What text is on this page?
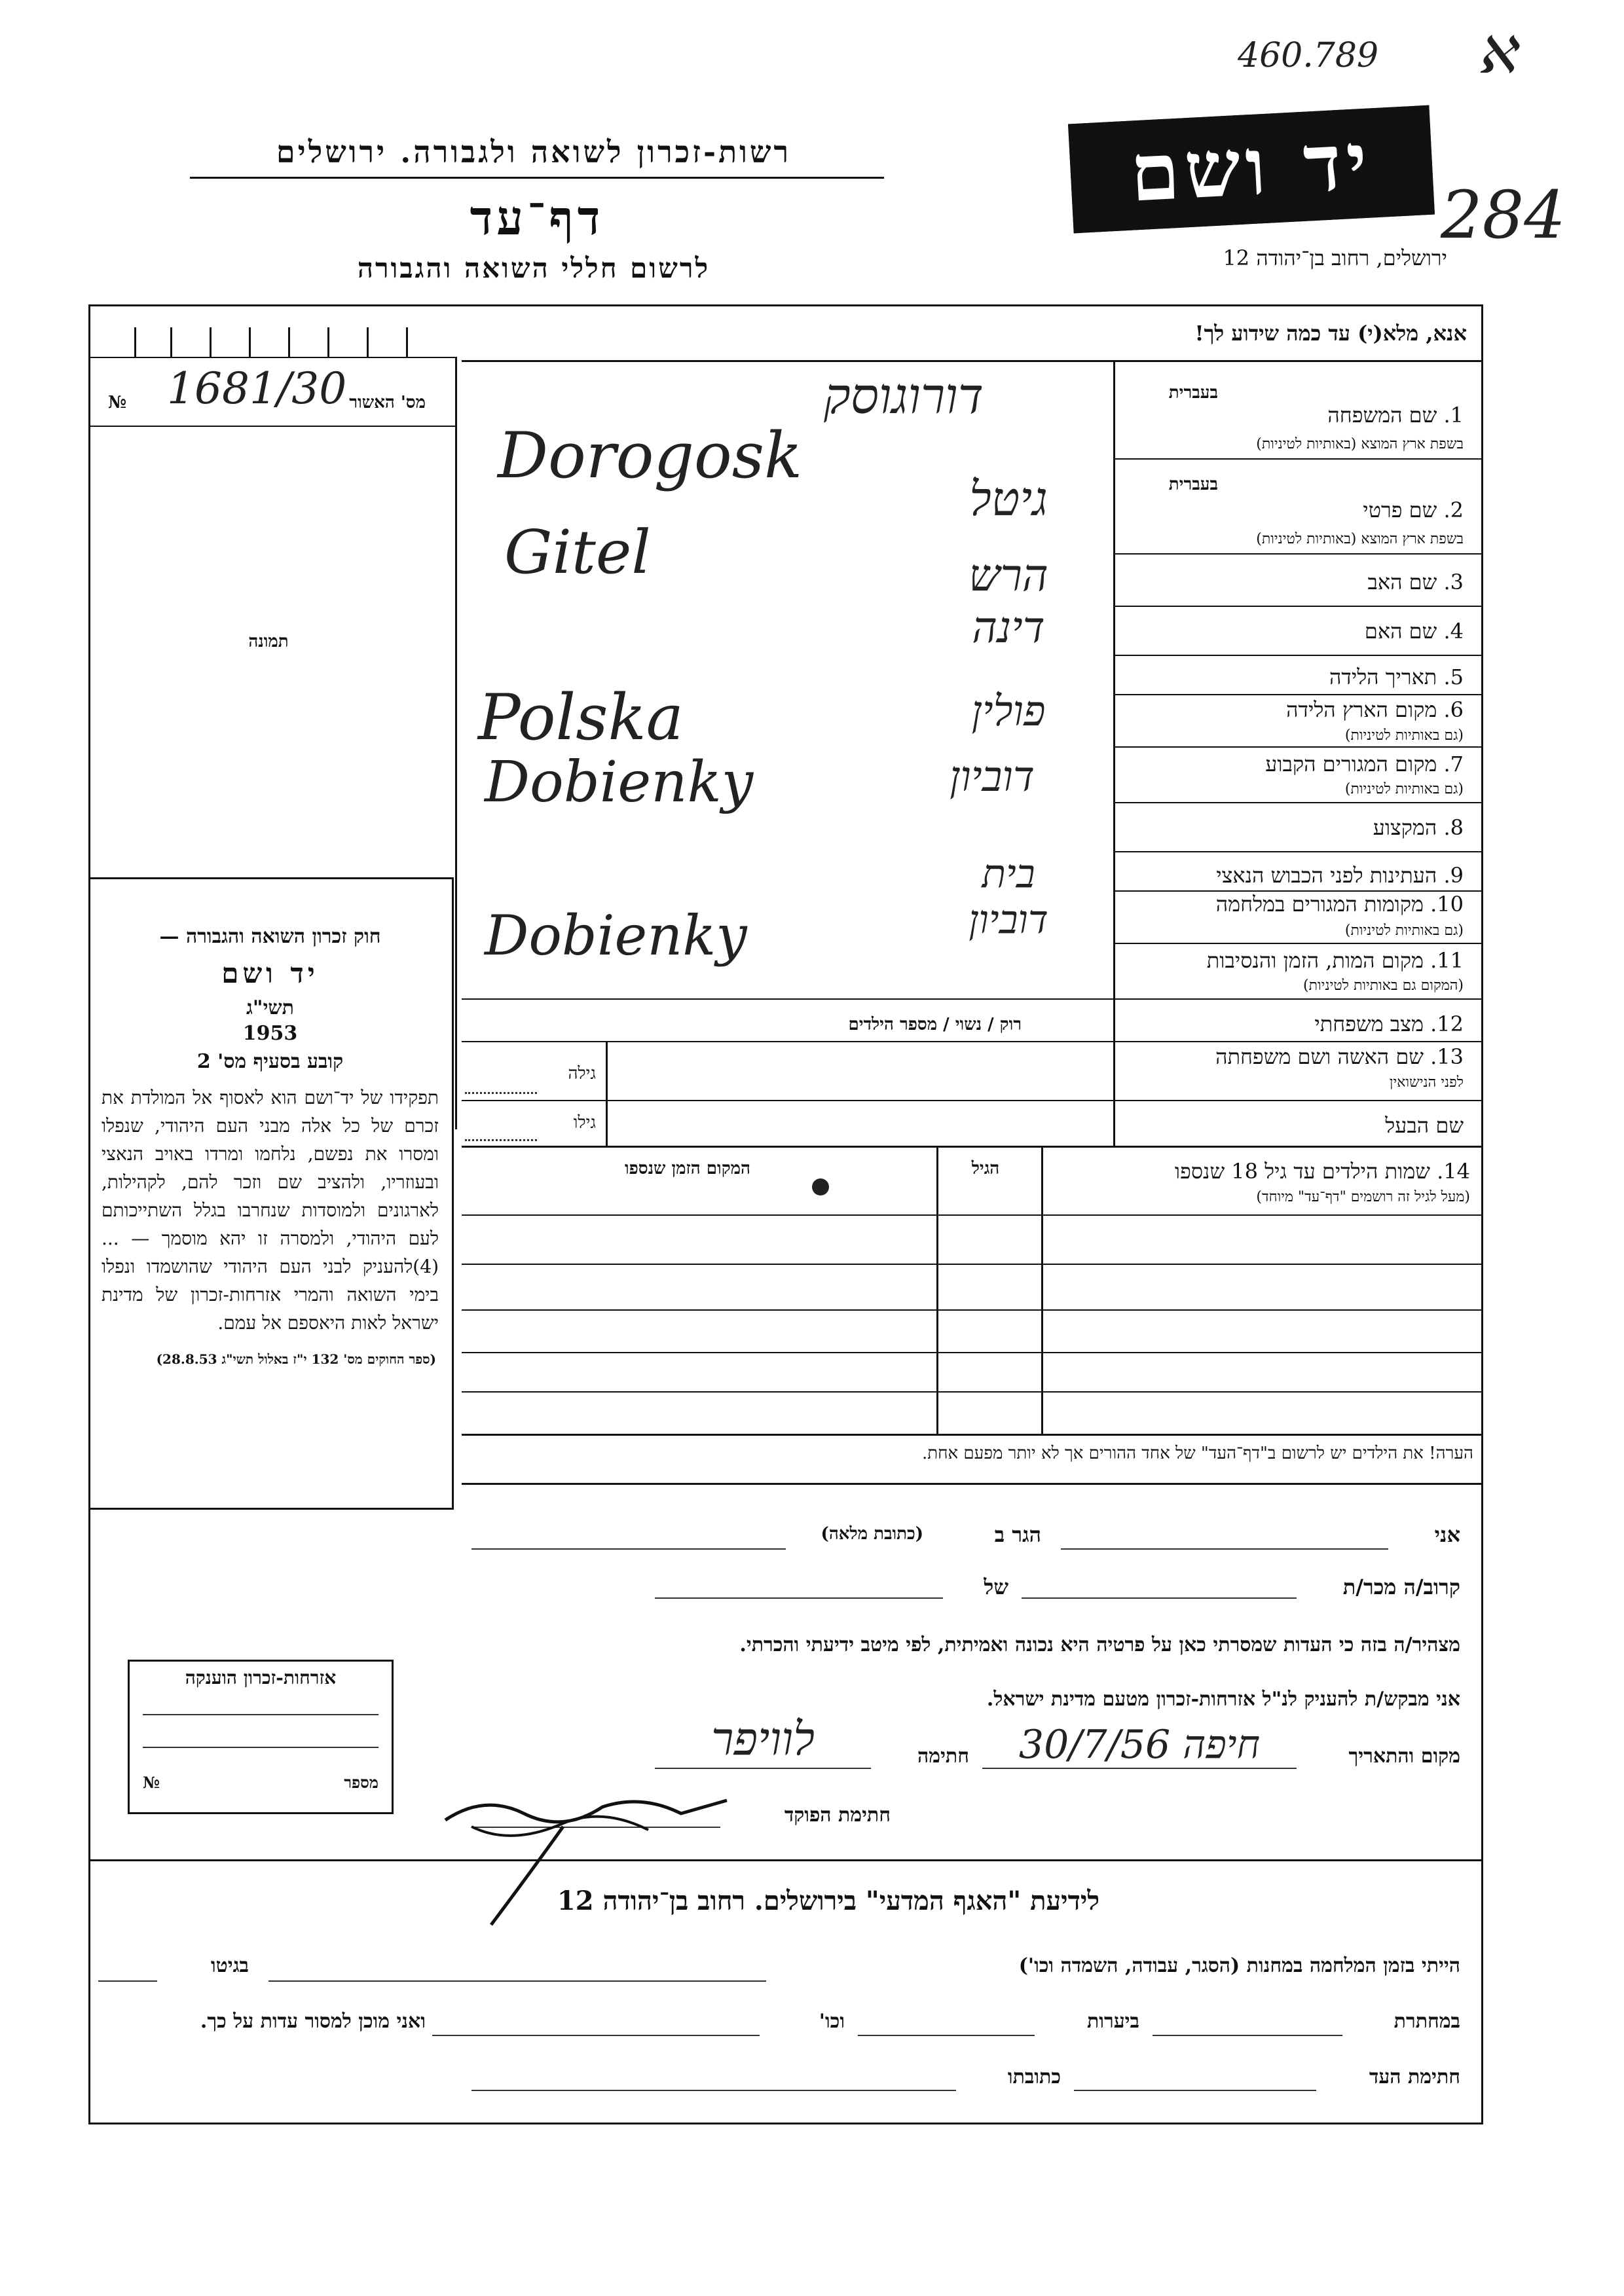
460.789 ℵ
284
יד ושם
רשות-זכרון לשואה ולגבורה. ירושלים
דף־עד
לרשום חללי השואה והגבורה	ירושלים, רחוב בן־יהודה 12
אנא, מלא(י) עד כמה שידוע לך!
№ 1681/30 מס' האשור
תמונה
בעברית
1. שם המשפחה
בשפת ארץ המוצא (באותיות לטיניות)
בעברית
2. שם פרטי
בשפת ארץ המוצא (באותיות לטיניות)
3. שם האב
4. שם האם
5. תאריך הלידה
6. מקום הארץ הלידה
(גם באותיות לטיניות)
7. מקום המגורים הקבוע
(גם באותיות לטיניות)
8. המקצוע
9. העתינות לפני הכבוש הנאצי
10. מקומות המגורים במלחמה
(גם באותיות לטיניות)
11. מקום המות, הזמן והנסיבות
(המקום גם באותיות לטיניות)
12. מצב משפחתי
רוק / נשוי / מספר הילדים
13. שם האשה ושם משפחתה
לפני הנישואין
גילה
שם הבעל
גילו
דורוגוסק
Dorogosk
גיטל
Gitel	הרש
דינה
פולין
Polska
דוביון
Dobienky
בית
דוביון
Dobienky
14. שמות הילדים עד גיל 18 שנספו
(מעל לגיל זה רושמים "דף־עד" מיוחד)
הגיל
המקום הזמן שנספו
הערה! את הילדים יש לרשום ב"דף־העד" של אחד ההורים אך לא יותר מפעם אחת.
חוק זכרון השואה והגבורה —
יד ושם
תשי"ג
1953
קובע בסעיף מס' 2
תפקידו של יד־ושם הוא לאסוף אל המולדת את זכרם של כל אלה מבני העם היהודי, שנפלו ומסרו את נפשם, נלחמו ומרדו באויב הנאצי ובעוזריו, ולהציב שם וזכר להם, לקהילות, לארגונים ולמוסדות שנחרבו בגלל השתייכותם לעם היהודי, ולמסרה זו יהא מוסמך — ...(4)להעניק לבני העם היהודי שהושמדו ונפלו בימי השואה והמרי אזרחות-זכרון של מדינת ישראל לאות היאספם אל עמם.
(ספר החוקים מס' 132 י"ז באלול תשי"ג 28.8.53)
אני
הגר ב
(כתובת מלאה)
קרוב/ה מכר/ת
של
מצהיר/ה בזה כי העדות שמסרתי כאן על פרטיה היא נכונה ואמיתית, לפי מיטב ידיעתי והכרתי.
אני מבקש/ת להעניק לנ"ל אזרחות-זכרון מטעם מדינת ישראל.
מקום והתאריך
חיפה 30/7/56
חתימה
לוויפר
חתימת הפוקד
אזרחות-זכרון הוענקה
מספר
№
לידיעת "האגף המדעי" בירושלים. רחוב בן־יהודה 12
הייתי בזמן המלחמה במחנות (הסגר, עבודה, השמדה וכו')
בגיטו
במחתרת
ביערות
וכו'
ואני מוכן למסור עדות על כך.
חתימת העד
כתובתו
